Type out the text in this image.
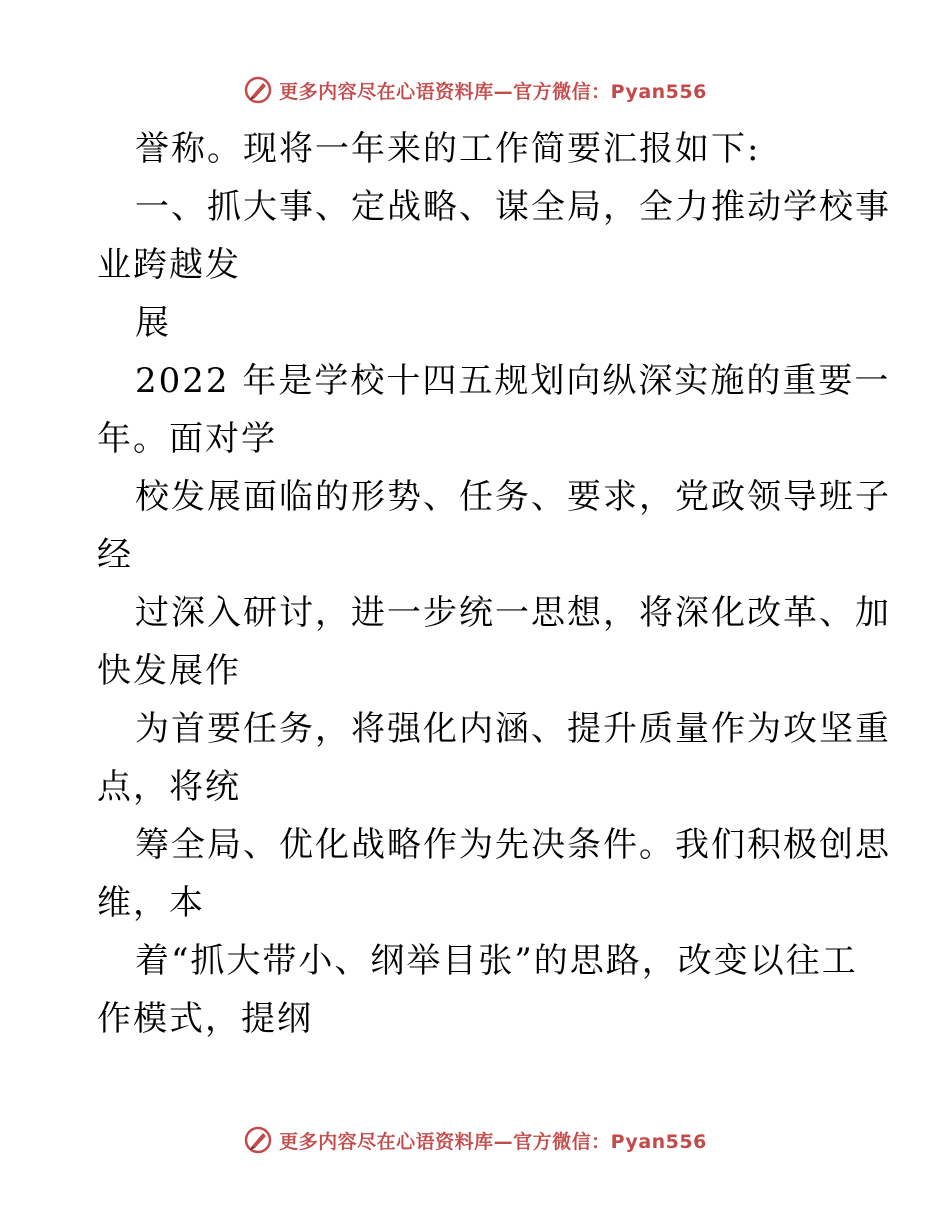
更多内容尽在心语资料库—官方微信：Pyan556
誉称。现将一年来的工作简要汇报如下:
一、抓大事、定战略、谋全局，全力推动学校事
业跨越发
展
2022 年是学校十四五规划向纵深实施的重要一
年。面对学
校发展面临的形势、任务、要求，党政领导班子
经
过深入研讨，进一步统一思想，将深化改革、加
快发展作
为首要任务，将强化内涵、提升质量作为攻坚重
点，将统
筹全局、优化战略作为先决条件。我们积极创思
维，本
着“抓大带小、纲举目张”的思路，改变以往工
作模式，提纲
更多内容尽在心语资料库—官方微信：Pyan556
